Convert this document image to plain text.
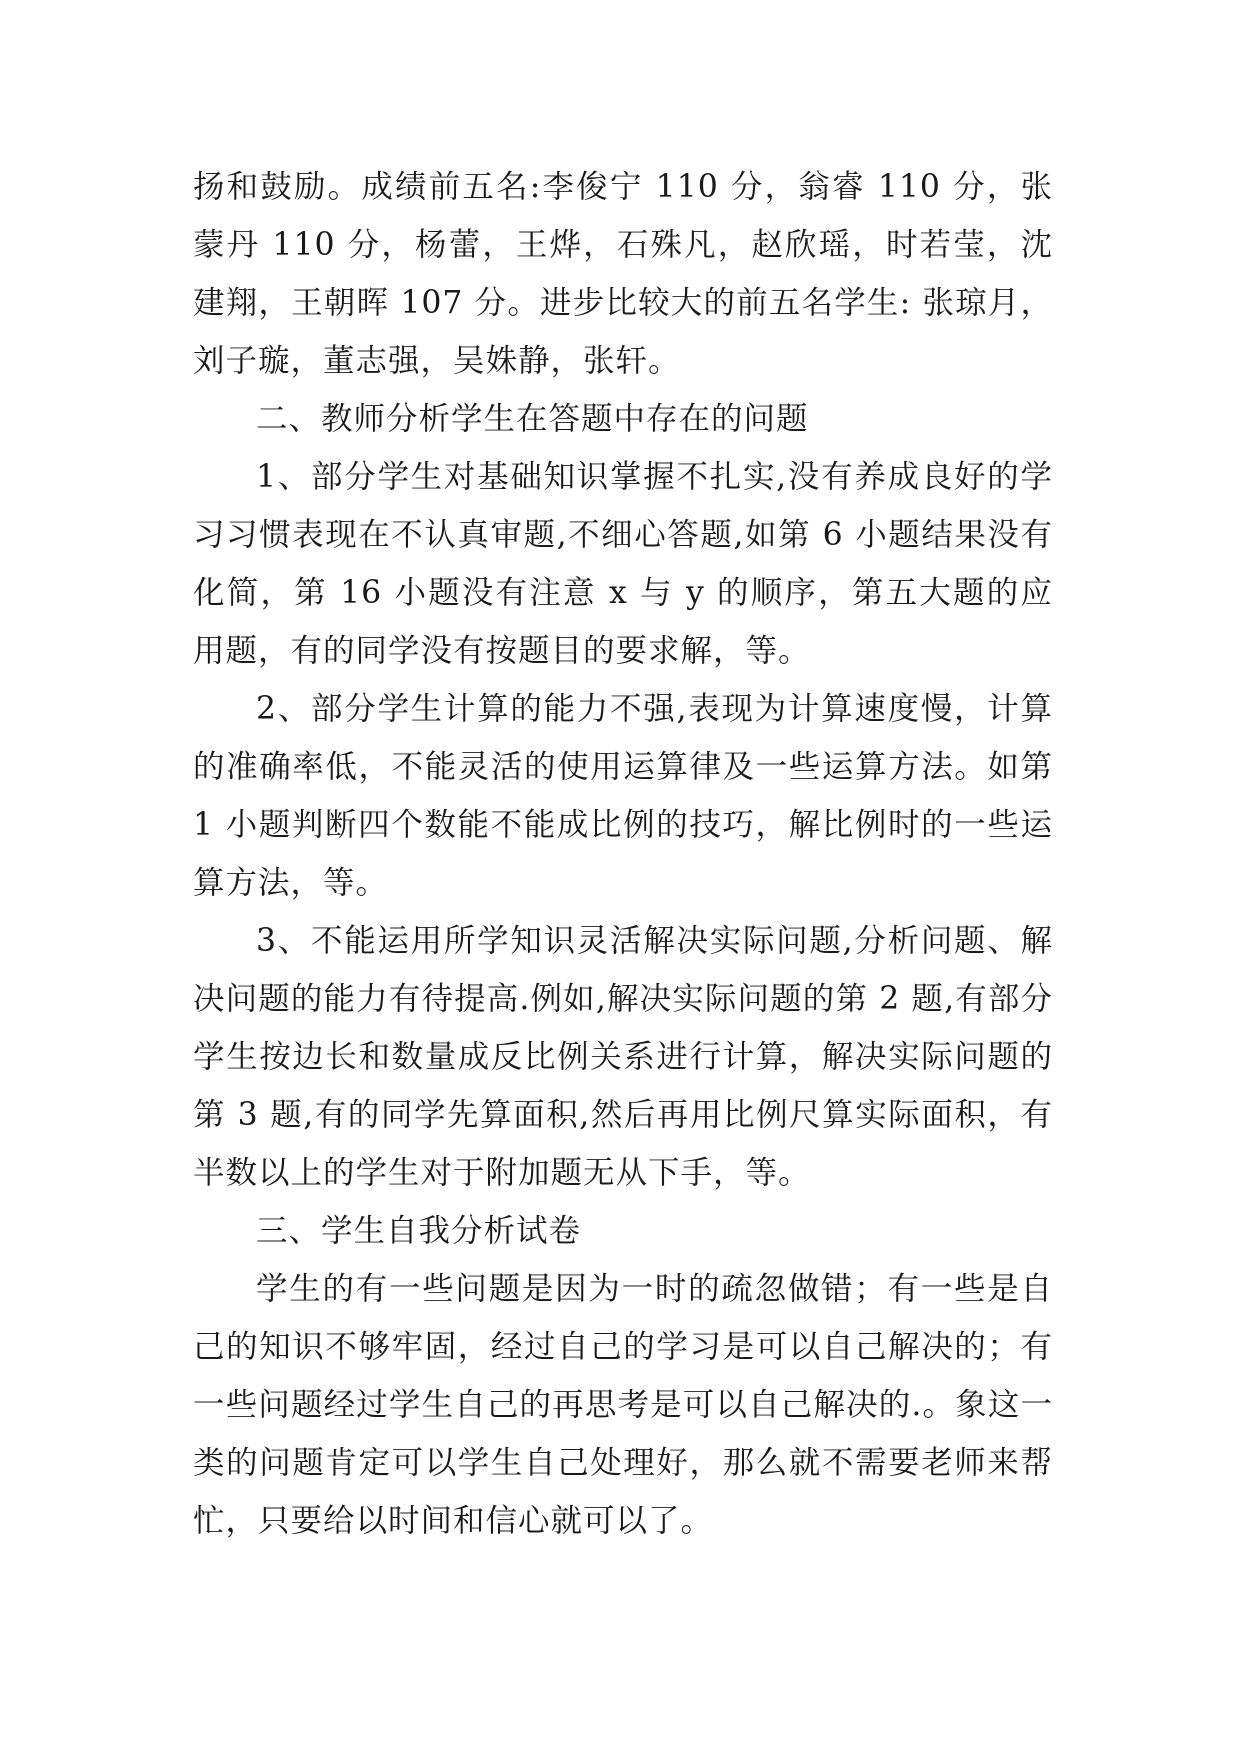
扬和鼓励。成绩前五名:李俊宁 110 分，翁睿 110 分，张蒙丹 110 分，杨蕾，王烨，石殊凡，赵欣瑶，时若莹，沈建翔，王朝晖 107 分。进步比较大的前五名学生: 张琼月，刘子璇，董志强，吴姝静，张轩。

二、教师分析学生在答题中存在的问题

1、部分学生对基础知识掌握不扎实,没有养成良好的学习习惯表现在不认真审题,不细心答题,如第 6 小题结果没有化简，第 16 小题没有注意 x 与 y 的顺序，第五大题的应用题，有的同学没有按题目的要求解，等。

2、部分学生计算的能力不强,表现为计算速度慢，计算的准确率低，不能灵活的使用运算律及一些运算方法。如第 1 小题判断四个数能不能成比例的技巧，解比例时的一些运算方法，等。

3、不能运用所学知识灵活解决实际问题,分析问题、解决问题的能力有待提高.例如,解决实际问题的第 2 题,有部分学生按边长和数量成反比例关系进行计算，解决实际问题的第 3 题,有的同学先算面积,然后再用比例尺算实际面积，有半数以上的学生对于附加题无从下手，等。

三、学生自我分析试卷

学生的有一些问题是因为一时的疏忽做错；有一些是自己的知识不够牢固，经过自己的学习是可以自己解决的；有一些问题经过学生自己的再思考是可以自己解决的.。象这一类的问题肯定可以学生自己处理好，那么就不需要老师来帮忙，只要给以时间和信心就可以了。
